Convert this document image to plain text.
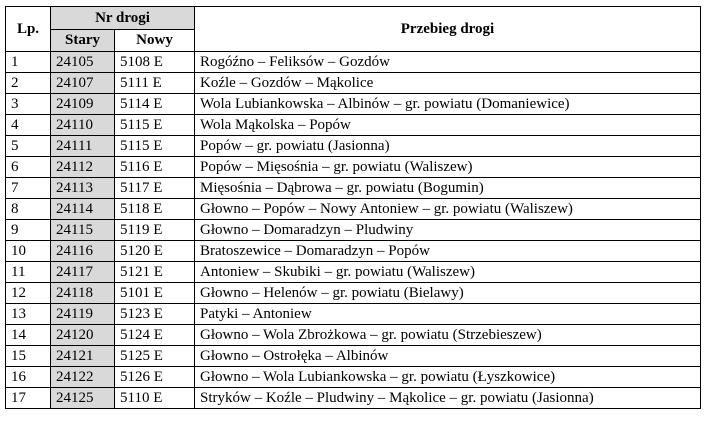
Lp.	Nr drogi		Przebieg drogi
	Stary	Nowy	
1	24105	5108 E	Rogóźno – Feliksów – Gozdów
2	24107	5111 E	Koźle – Gozdów – Mąkolice
3	24109	5114 E	Wola Lubiankowska – Albinów – gr. powiatu (Domaniewice)
4	24110	5115 E	Wola Mąkolska – Popów
5	24111	5115 E	Popów – gr. powiatu (Jasionna)
6	24112	5116 E	Popów – Mięsośnia – gr. powiatu (Waliszew)
7	24113	5117 E	Mięsośnia – Dąbrowa – gr. powiatu (Bogumin)
8	24114	5118 E	Głowno – Popów – Nowy Antoniew – gr. powiatu (Waliszew)
9	24115	5119 E	Głowno – Domaradzyn – Pludwiny
10	24116	5120 E	Bratoszewice – Domaradzyn – Popów
11	24117	5121 E	Antoniew – Skubiki – gr. powiatu (Waliszew)
12	24118	5101 E	Głowno – Helenów – gr. powiatu (Bielawy)
13	24119	5123 E	Patyki – Antoniew
14	24120	5124 E	Głowno – Wola Zbrożkowa – gr. powiatu (Strzebieszew)
15	24121	5125 E	Głowno – Ostrołęka – Albinów
16	24122	5126 E	Głowno – Wola Lubiankowska – gr. powiatu (Łyszkowice)
17	24125	5110 E	Stryków – Koźle – Pludwiny – Mąkolice – gr. powiatu (Jasionna)
